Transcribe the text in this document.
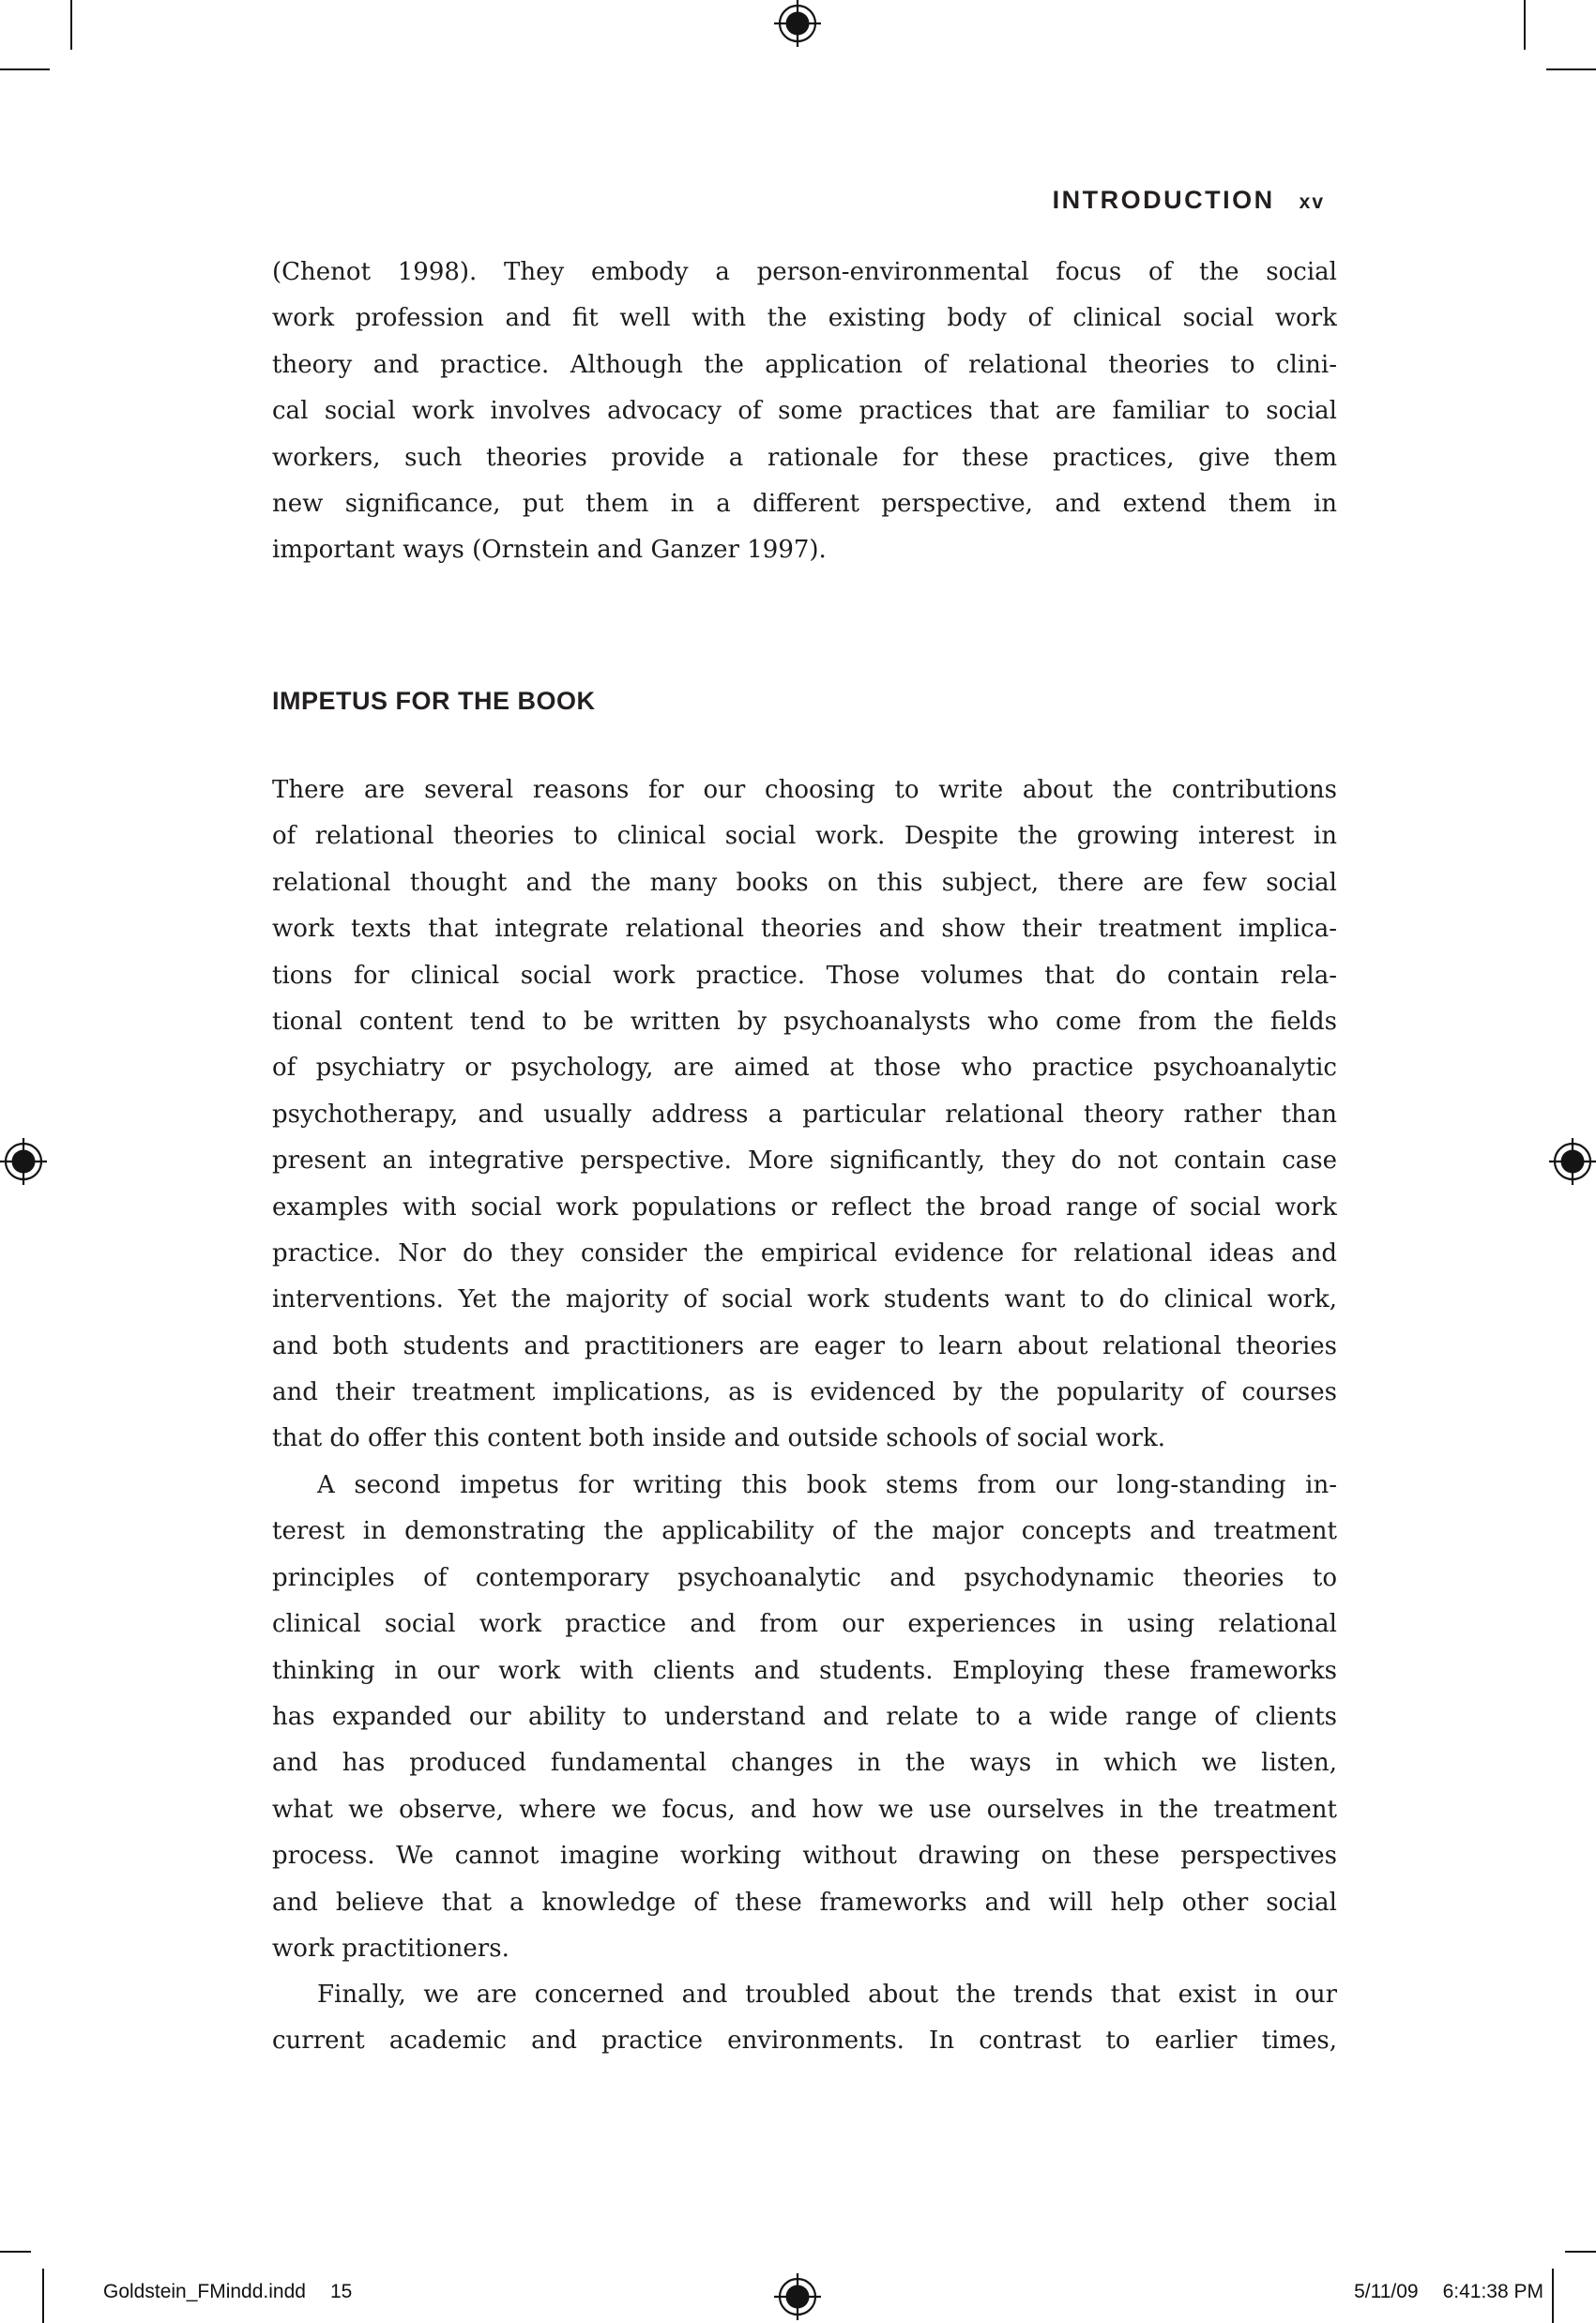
INTRODUCTION xv
(Chenot 1998). They embody a person-environmental focus of the social
work profession and fit well with the existing body of clinical social work
theory and practice. Although the application of relational theories to clini-
cal social work involves advocacy of some practices that are familiar to social
workers, such theories provide a rationale for these practices, give them
new significance, put them in a different perspective, and extend them in
important ways (Ornstein and Ganzer 1997).
IMPETUS FOR THE BOOK
There are several reasons for our choosing to write about the contributions
of relational theories to clinical social work. Despite the growing interest in
relational thought and the many books on this subject, there are few social
work texts that integrate relational theories and show their treatment implica-
tions for clinical social work practice. Those volumes that do contain rela-
tional content tend to be written by psychoanalysts who come from the fields
of psychiatry or psychology, are aimed at those who practice psychoanalytic
psychotherapy, and usually address a particular relational theory rather than
present an integrative perspective. More significantly, they do not contain case
examples with social work populations or reflect the broad range of social work
practice. Nor do they consider the empirical evidence for relational ideas and
interventions. Yet the majority of social work students want to do clinical work,
and both students and practitioners are eager to learn about relational theories
and their treatment implications, as is evidenced by the popularity of courses
that do offer this content both inside and outside schools of social work.
A second impetus for writing this book stems from our long-standing in-
terest in demonstrating the applicability of the major concepts and treatment
principles of contemporary psychoanalytic and psychodynamic theories to
clinical social work practice and from our experiences in using relational
thinking in our work with clients and students. Employing these frameworks
has expanded our ability to understand and relate to a wide range of clients
and has produced fundamental changes in the ways in which we listen,
what we observe, where we focus, and how we use ourselves in the treatment
process. We cannot imagine working without drawing on these perspectives
and believe that a knowledge of these frameworks and will help other social
work practitioners.
Finally, we are concerned and troubled about the trends that exist in our
current academic and practice environments. In contrast to earlier times,
Goldstein_FMindd.indd 15	5/11/09 6:41:38 PM
